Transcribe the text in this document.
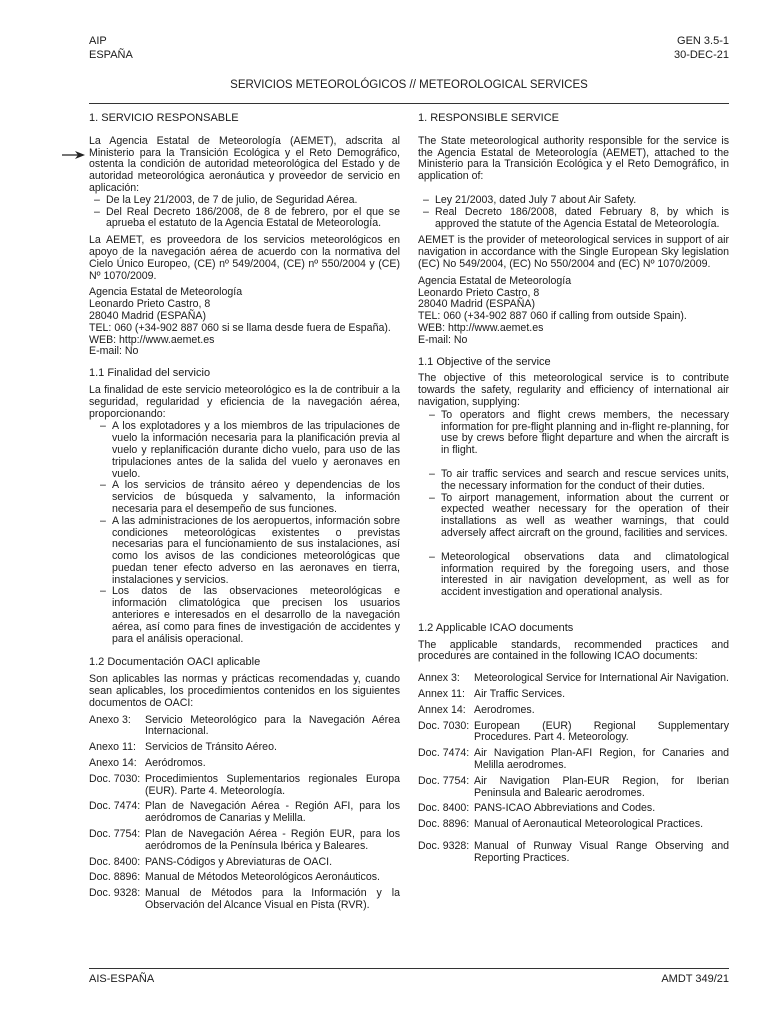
AIP
ESPAÑA
GEN 3.5-1
30-DEC-21
SERVICIOS METEOROLÓGICOS // METEOROLOGICAL SERVICES
1. SERVICIO RESPONSABLE
La Agencia Estatal de Meteorología (AEMET), adscrita al Ministerio para la Transición Ecológica y el Reto Demográfico, ostenta la condición de autoridad meteorológica del Estado y de autoridad meteorológica aeronáutica y proveedor de servicio en aplicación:
– De la Ley 21/2003, de 7 de julio, de Seguridad Aérea.
– Del Real Decreto 186/2008, de 8 de febrero, por el que se aprueba el estatuto de la Agencia Estatal de Meteorología.
La AEMET, es proveedora de los servicios meteorológicos en apoyo de la navegación aérea de acuerdo con la normativa del Cielo Único Europeo, (CE) nº 549/2004, (CE) nº 550/2004 y (CE) Nº 1070/2009.
Agencia Estatal de Meteorología
Leonardo Prieto Castro, 8
28040 Madrid (ESPAÑA)
TEL: 060 (+34-902 887 060 si se llama desde fuera de España).
WEB: http://www.aemet.es
E-mail: No
1.1 Finalidad del servicio
La finalidad de este servicio meteorológico es la de contribuir a la seguridad, regularidad y eficiencia de la navegación aérea, proporcionando:
– A los explotadores y a los miembros de las tripulaciones de vuelo la información necesaria para la planificación previa al vuelo y replanificación durante dicho vuelo, para uso de las tripulaciones antes de la salida del vuelo y aeronaves en vuelo.
– A los servicios de tránsito aéreo y dependencias de los servicios de búsqueda y salvamento, la información necesaria para el desempeño de sus funciones.
– A las administraciones de los aeropuertos, información sobre condiciones meteorológicas existentes o previstas necesarias para el funcionamiento de sus instalaciones, así como los avisos de las condiciones meteorológicas que puedan tener efecto adverso en las aeronaves en tierra, instalaciones y servicios.
– Los datos de las observaciones meteorológicas e información climatológica que precisen los usuarios anteriores e interesados en el desarrollo de la navegación aérea, así como para fines de investigación de accidentes y para el análisis operacional.
1.2 Documentación OACI aplicable
Son aplicables las normas y prácticas recomendadas y, cuando sean aplicables, los procedimientos contenidos en los siguientes documentos de OACI:
Anexo 3:	Servicio Meteorológico para la Navegación Aérea Internacional.
Anexo 11: Servicios de Tránsito Aéreo.
Anexo 14: Aeródromos.
Doc. 7030: Procedimientos Suplementarios regionales Europa (EUR). Parte 4. Meteorología.
Doc. 7474: Plan de Navegación Aérea - Región AFI, para los aeródromos de Canarias y Melilla.
Doc. 7754: Plan de Navegación Aérea - Región EUR, para los aeródromos de la Península Ibérica y Baleares.
Doc. 8400: PANS-Códigos y Abreviaturas de OACI.
Doc. 8896: Manual de Métodos Meteorológicos Aeronáuticos.
Doc. 9328: Manual de Métodos para la Información y la Observación del Alcance Visual en Pista (RVR).
1. RESPONSIBLE SERVICE
The State meteorological authority responsible for the service is the Agencia Estatal de Meteorología (AEMET), attached to the Ministerio para la Transición Ecológica y el Reto Demográfico, in application of:
– Ley 21/2003, dated July 7 about Air Safety.
– Real Decreto 186/2008, dated February 8, by which is approved the statute of the Agencia Estatal de Meteorología.
AEMET is the provider of meteorological services in support of air navigation in accordance with the Single European Sky legislation (EC) No 549/2004, (EC) No 550/2004 and (EC) Nº 1070/2009.
Agencia Estatal de Meteorología
Leonardo Prieto Castro, 8
28040 Madrid (ESPAÑA)
TEL: 060 (+34-902 887 060 if calling from outside Spain).
WEB: http://www.aemet.es
E-mail: No
1.1 Objective of the service
The objective of this meteorological service is to contribute towards the safety, regularity and efficiency of international air navigation, supplying:
– To operators and flight crews members, the necessary information for pre-flight planning and in-flight re-planning, for use by crews before flight departure and when the aircraft is in flight.
– To air traffic services and search and rescue services units, the necessary information for the conduct of their duties.
– To airport management, information about the current or expected weather necessary for the operation of their installations as well as weather warnings, that could adversely affect aircraft on the ground, facilities and services.
– Meteorological observations data and climatological information required by the foregoing users, and those interested in air navigation development, as well as for accident investigation and operational analysis.
1.2 Applicable ICAO documents
The applicable standards, recommended practices and procedures are contained in the following ICAO documents:
Annex 3:	Meteorological Service for International Air Navigation.
Annex 11: Air Traffic Services.
Annex 14: Aerodromes.
Doc. 7030: European (EUR) Regional Supplementary Procedures. Part 4. Meteorology.
Doc. 7474: Air Navigation Plan-AFI Region, for Canaries and Melilla aerodromes.
Doc. 7754: Air Navigation Plan-EUR Region, for Iberian Peninsula and Balearic aerodromes.
Doc. 8400: PANS-ICAO Abbreviations and Codes.
Doc. 8896: Manual of Aeronautical Meteorological Practices.
Doc. 9328: Manual of Runway Visual Range Observing and Reporting Practices.
AIS-ESPAÑA	AMDT 349/21
